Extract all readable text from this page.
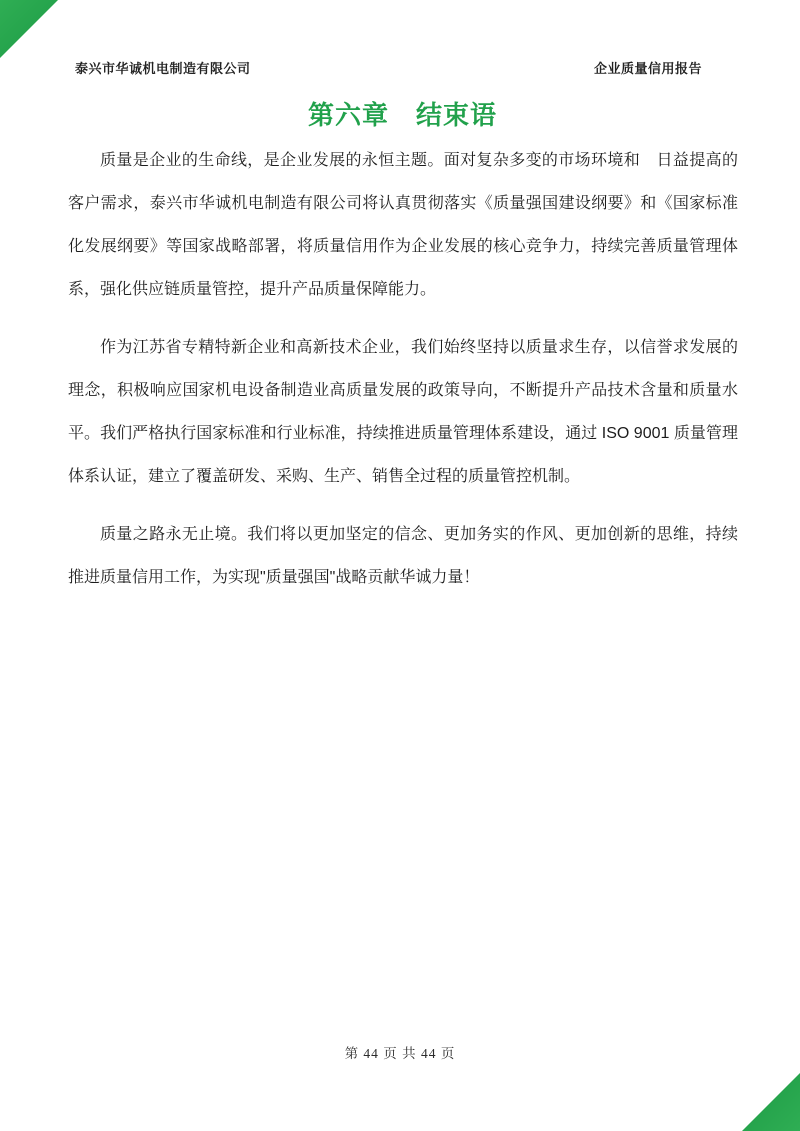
泰兴市华诚机电制造有限公司	企业质量信用报告
第六章　结束语

质量是企业的生命线，是企业发展的永恒主题。面对复杂多变的市场环境和　日益提高的客户需求，泰兴市华诚机电制造有限公司将认真贯彻落实《质量强国建设纲要》和《国家标准化发展纲要》等国家战略部署，将质量信用作为企业发展的核心竞争力，持续完善质量管理体系，强化供应链质量管控，提升产品质量保障能力。

作为江苏省专精特新企业和高新技术企业，我们始终坚持以质量求生存，以信誉求发展的理念，积极响应国家机电设备制造业高质量发展的政策导向，不断提升产品技术含量和质量水平。我们严格执行国家标准和行业标准，持续推进质量管理体系建设，通过 ISO 9001 质量管理体系认证，建立了覆盖研发、采购、生产、销售全过程的质量管控机制。

质量之路永无止境。我们将以更加坚定的信念、更加务实的作风、更加创新的思维，持续推进质量信用工作，为实现"质量强国"战略贡献华诚力量！

第 44 页 共 44 页
